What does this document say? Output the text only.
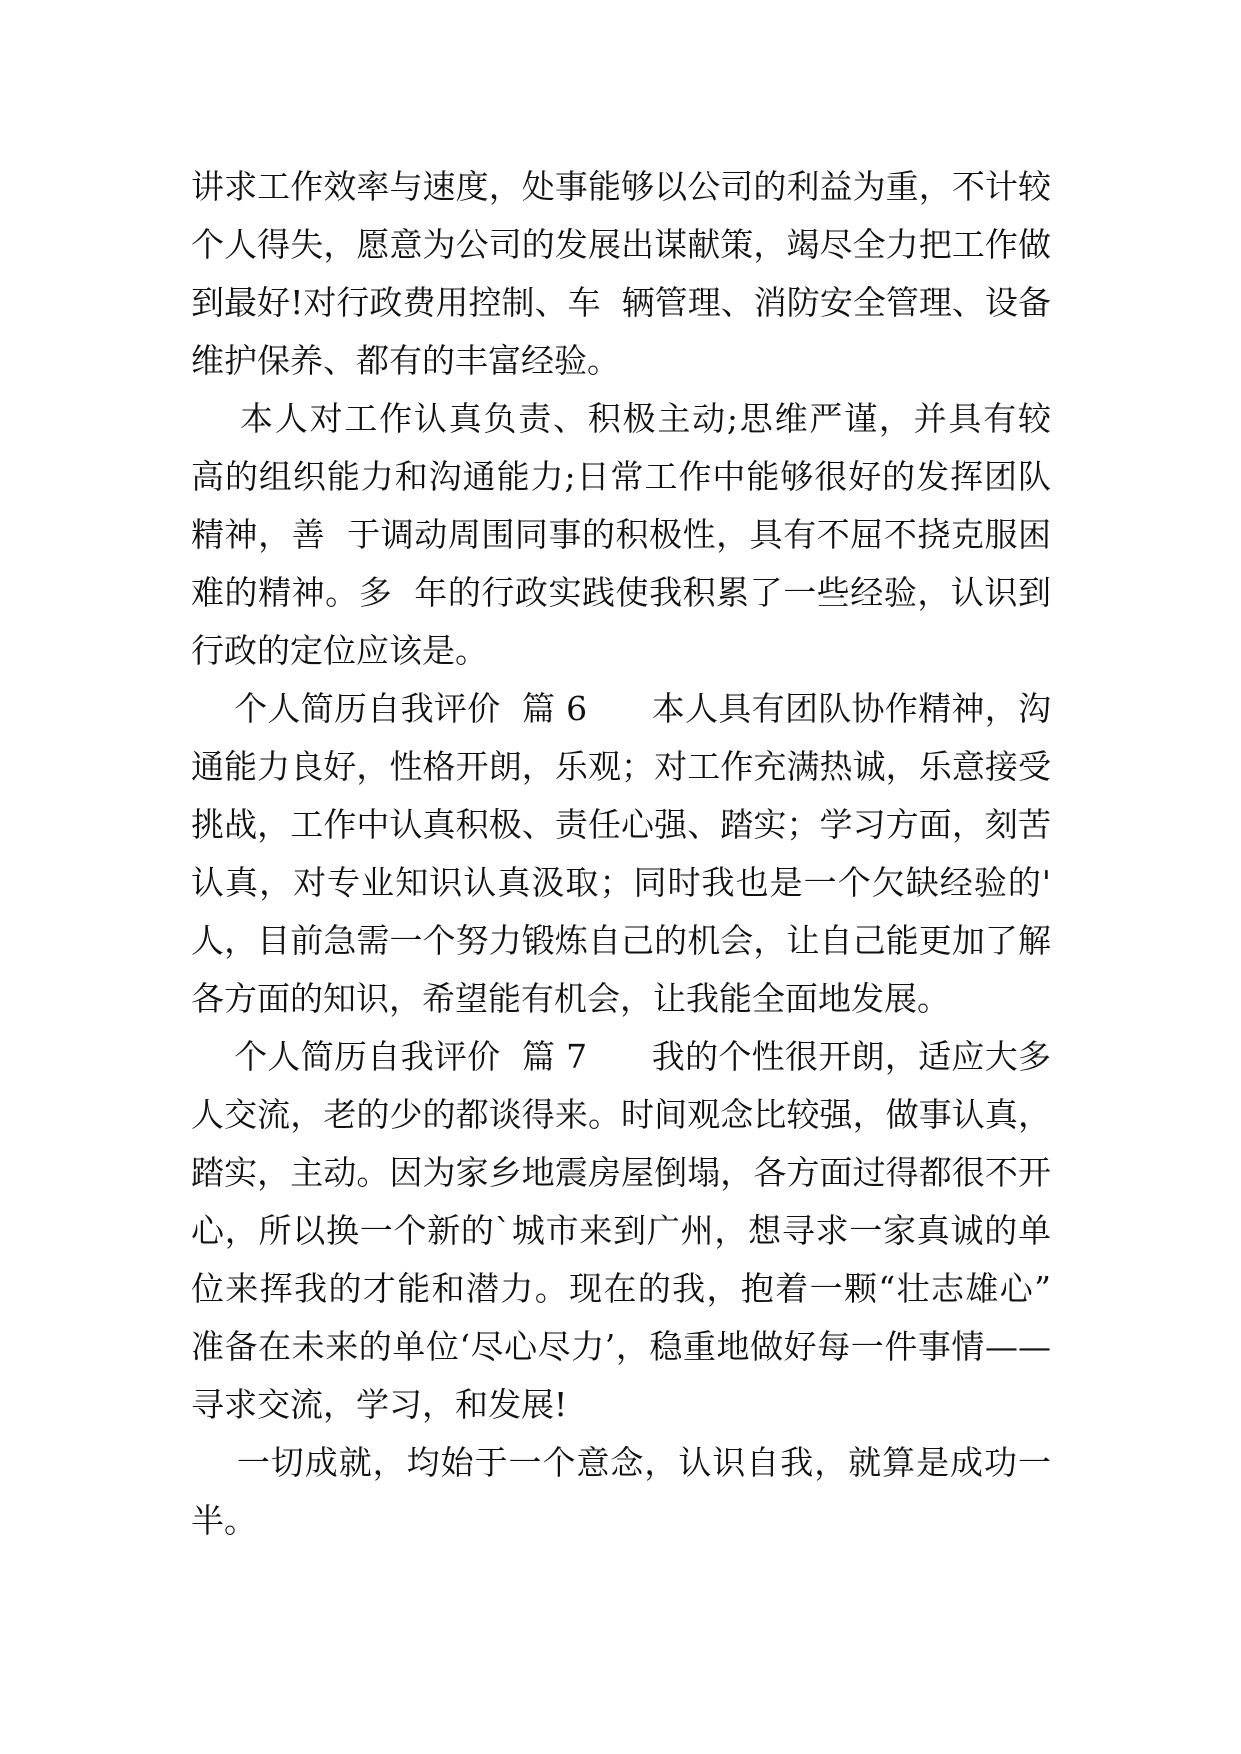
讲求工作效率与速度，处事能够以公司的利益为重，不计较
个人得失，愿意为公司的发展出谋献策，竭尽全力把工作做
到最好!对行政费用控制、车  辆管理、消防安全管理、设备
维护保养、都有的丰富经验。
本人对工作认真负责、积极主动;思维严谨，并具有较
高的组织能力和沟通能力;日常工作中能够很好的发挥团队
精神，善  于调动周围同事的积极性，具有不屈不挠克服困
难的精神。多  年的行政实践使我积累了一些经验，认识到
行政的定位应该是。
个人简历自我评价  篇 6      本人具有团队协作精神，沟
通能力良好，性格开朗，乐观；对工作充满热诚，乐意接受
挑战，工作中认真积极、责任心强、踏实；学习方面，刻苦
认真，对专业知识认真汲取；同时我也是一个欠缺经验的'
人，目前急需一个努力锻炼自己的机会，让自己能更加了解
各方面的知识，希望能有机会，让我能全面地发展。
个人简历自我评价  篇 7      我的个性很开朗，适应大多
人交流，老的少的都谈得来。时间观念比较强，做事认真，
踏实，主动。因为家乡地震房屋倒塌，各方面过得都很不开
心，所以换一个新的`城市来到广州，想寻求一家真诚的单
位来挥我的才能和潜力。现在的我，抱着一颗“壮志雄心”
准备在未来的单位‘尽心尽力’，稳重地做好每一件事情——
寻求交流，学习，和发展!
一切成就，均始于一个意念，认识自我，就算是成功一
半。
